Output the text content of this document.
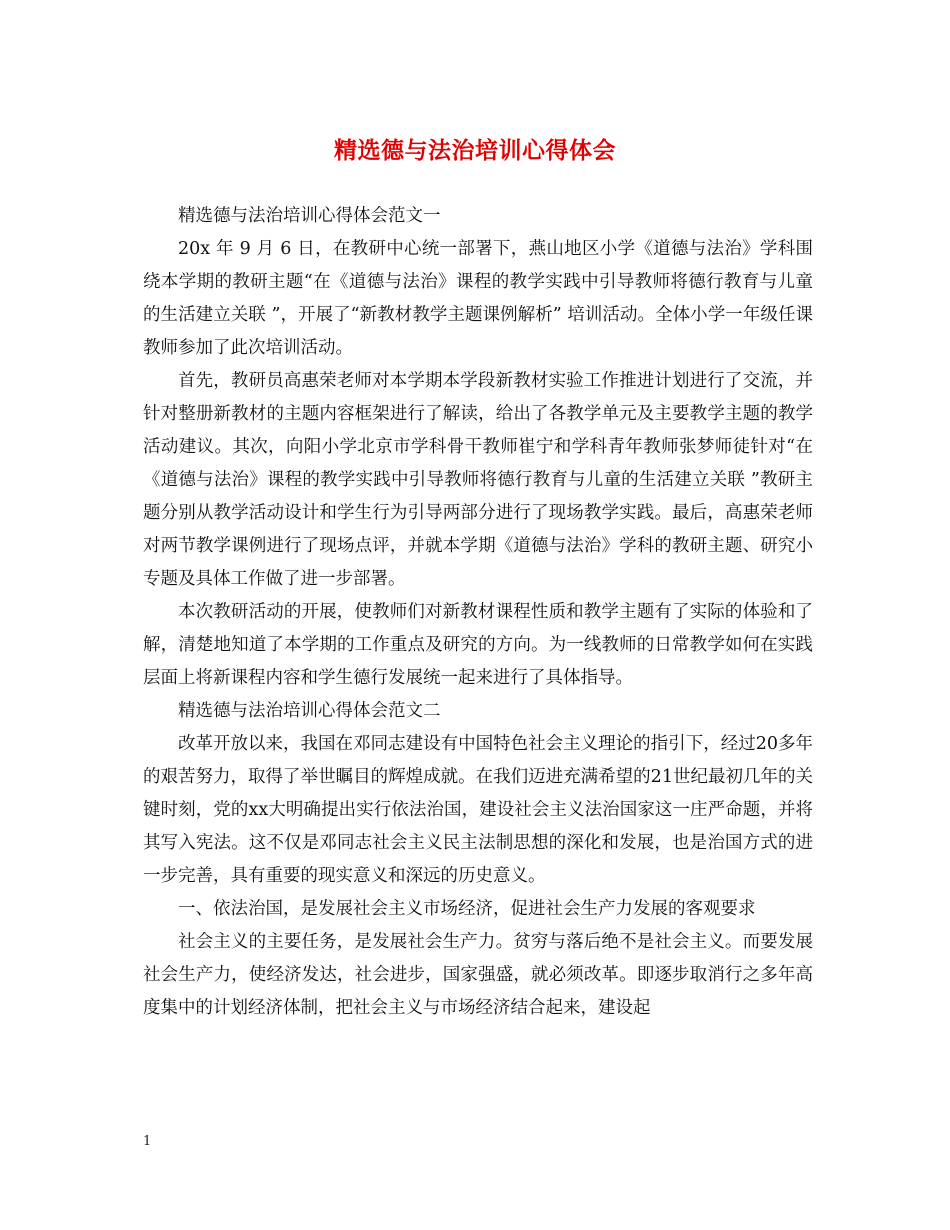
精选德与法治培训心得体会

精选德与法治培训心得体会范文一

20x 年 9 月 6 日，在教研中心统一部署下，燕山地区小学《道德与法治》学科围绕本学期的教研主题“在《道德与法治》课程的教学实践中引导教师将德行教育与儿童的生活建立关联 ”，开展了“新教材教学主题课例解析” 培训活动。全体小学一年级任课教师参加了此次培训活动。

首先，教研员高惠荣老师对本学期本学段新教材实验工作推进计划进行了交流，并针对整册新教材的主题内容框架进行了解读，给出了各教学单元及主要教学主题的教学活动建议。其次，向阳小学北京市学科骨干教师崔宁和学科青年教师张梦师徒针对“在《道德与法治》课程的教学实践中引导教师将德行教育与儿童的生活建立关联 ”教研主题分别从教学活动设计和学生行为引导两部分进行了现场教学实践。最后，高惠荣老师对两节教学课例进行了现场点评，并就本学期《道德与法治》学科的教研主题、研究小专题及具体工作做了进一步部署。

本次教研活动的开展，使教师们对新教材课程性质和教学主题有了实际的体验和了解，清楚地知道了本学期的工作重点及研究的方向。为一线教师的日常教学如何在实践层面上将新课程内容和学生德行发展统一起来进行了具体指导。

精选德与法治培训心得体会范文二

改革开放以来，我国在邓同志建设有中国特色社会主义理论的指引下，经过20多年的艰苦努力，取得了举世瞩目的辉煌成就。在我们迈进充满希望的21世纪最初几年的关键时刻，党的xx大明确提出实行依法治国，建设社会主义法治国家这一庄严命题，并将其写入宪法。这不仅是邓同志社会主义民主法制思想的深化和发展，也是治国方式的进一步完善，具有重要的现实意义和深远的历史意义。

一、依法治国，是发展社会主义市场经济，促进社会生产力发展的客观要求

社会主义的主要任务，是发展社会生产力。贫穷与落后绝不是社会主义。而要发展社会生产力，使经济发达，社会进步，国家强盛，就必须改革。即逐步取消行之多年高度集中的计划经济体制，把社会主义与市场经济结合起来，建设起

1
